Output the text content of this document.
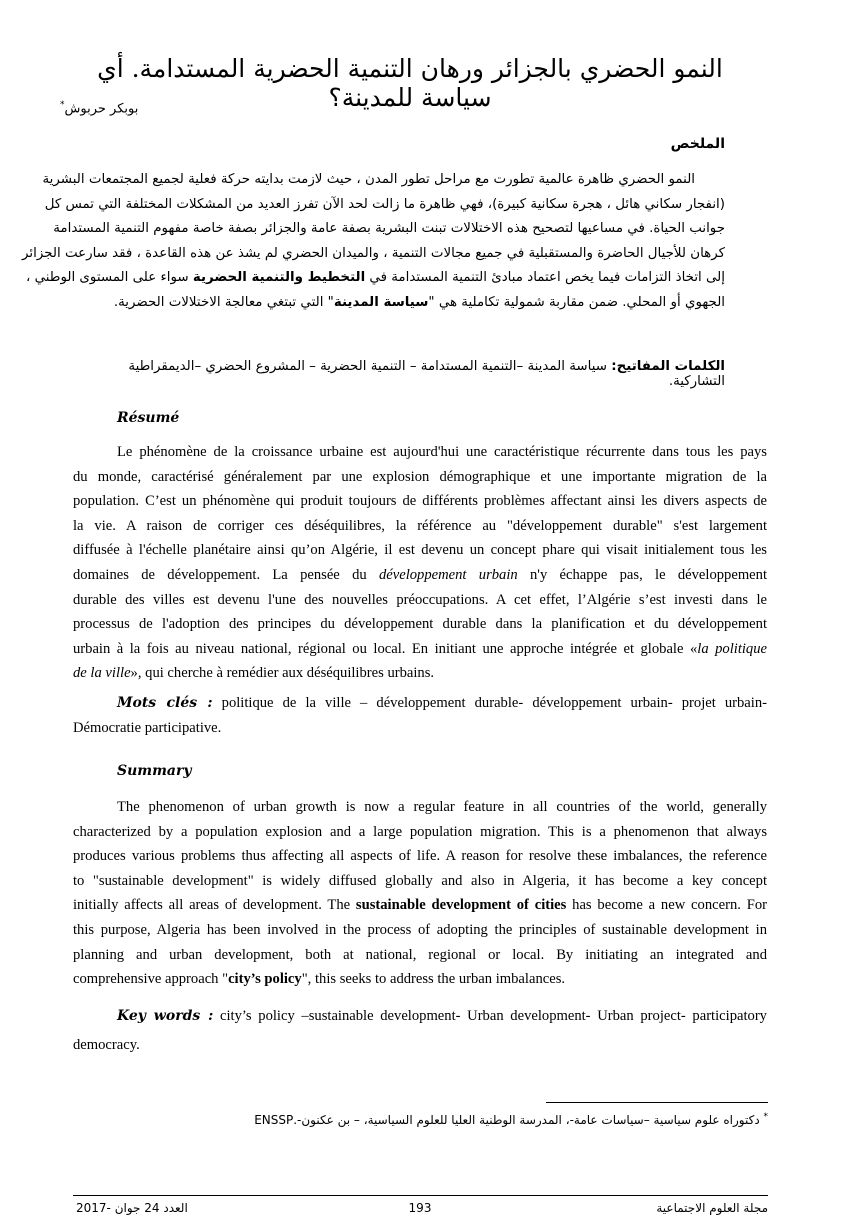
النمو الحضري بالجزائر ورهان التنمية الحضرية المستدامة. أي سياسة للمدينة؟
بوبكر حربوش*
الملخص
النمو الحضري ظاهرة عالمية تطورت مع مراحل تطور المدن ، حيث لازمت بدايته حركة فعلية لجميع المجتمعات البشرية
(انفجار سكاني هائل ، هجرة سكانية كبيرة)، فهي ظاهرة ما زالت لحد الآن تفرز العديد من المشكلات المختلفة التي تمس كل
جوانب الحياة. في مساعيها لتصحيح هذه الاختلالات تبنت البشرية بصفة عامة والجزائر بصفة خاصة مفهوم التنمية المستدامة
كرهان للأجيال الحاضرة والمستقبلية في جميع مجالات التنمية ، والميدان الحضري لم يشذ عن هذه القاعدة ، فقد سارعت الجزائر
إلى اتخاذ التزامات فيما يخص اعتماد مبادئ التنمية المستدامة في التخطيط والتنمية الحضرية سواء على المستوى الوطني ،
الجهوي أو المحلي. ضمن مقاربة شمولية تكاملية هي "سياسة المدينة" التي تبتغي معالجة الاختلالات الحضرية.
الكلمات المفاتيح: سياسة المدينة –التنمية المستدامة – التنمية الحضرية – المشروع الحضري –الديمقراطية التشاركية.
Résumé
Le phénomène de la croissance urbaine est aujourd'hui une caractéristique récurrente dans tous les pays
du monde, caractérisé généralement par une explosion démographique et une importante migration de la
population. C’est un phénomène qui produit toujours de différents problèmes affectant ainsi les divers aspects de
la vie. A raison de corriger ces déséquilibres, la référence au "développement durable" s'est largement
diffusée à l'échelle planétaire ainsi qu’on Algérie, il est devenu un concept phare qui visait initialement tous les
domaines de développement. La pensée du développement urbain n'y échappe pas, le développement
durable des villes est devenu l'une des nouvelles préoccupations. A cet effet, l’Algérie s’est investi dans le
processus de l'adoption des principes du développement durable dans la planification et du développement
urbain à la fois au niveau national, régional ou local. En initiant une approche intégrée et globale «la politique
de la ville», qui cherche à remédier aux déséquilibres urbains.
Mots clés : politique de la ville – développement durable- développement urbain- projet urbain-
Démocratie participative.
Summary
The phenomenon of urban growth is now a regular feature in all countries of the world, generally
characterized by a population explosion and a large population migration. This is a phenomenon that always
produces various problems thus affecting all aspects of life. A reason for resolve these imbalances, the reference
to "sustainable development" is widely diffused globally and also in Algeria, it has become a key concept
initially affects all areas of development. The sustainable development of cities has become a new concern. For
this purpose, Algeria has been involved in the process of adopting the principles of sustainable development in
planning and urban development, both at national, regional or local. By initiating an integrated and
comprehensive approach "city’s policy", this seeks to address the urban imbalances.
Key words : city’s policy –sustainable development- Urban development- Urban project- participatory
democracy.
* دكتوراه علوم سياسية –سياسات عامة-، المدرسة الوطنية العليا للعلوم السياسية، – بن عكنون-.ENSSP
العدد 24 جوان -2017	193	مجلة العلوم الاجتماعية
